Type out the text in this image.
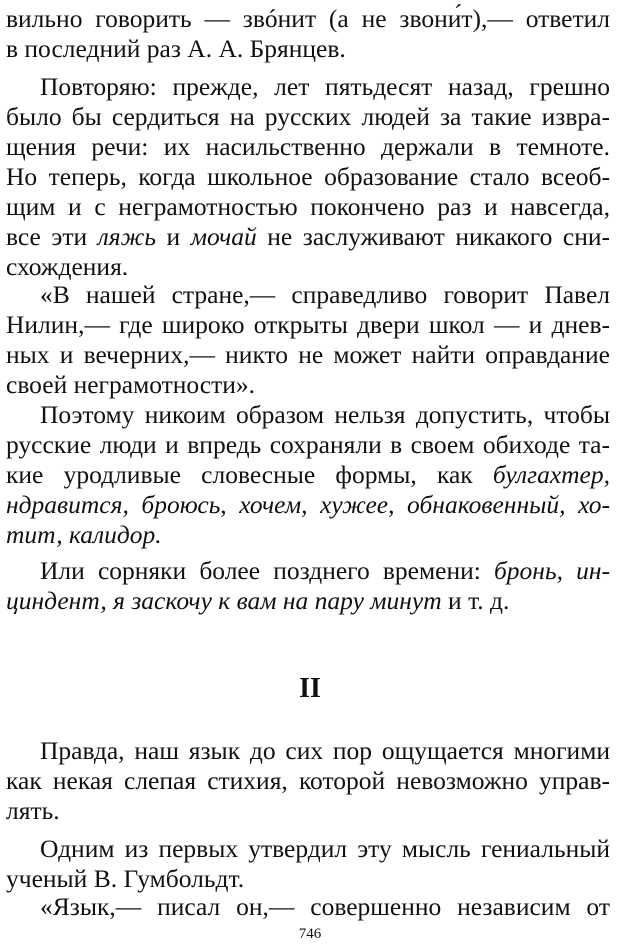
вильно говорить — звóнит (а не звони́т),— ответил
в последний раз А. А. Брянцев.
Повторяю: прежде, лет пятьдесят назад, грешно
было бы сердиться на русских людей за такие извра-
щения речи: их насильственно держали в темноте.
Но теперь, когда школьное образование стало всеоб-
щим и с неграмотностью покончено раз и навсегда,
все эти ляжь и мочай не заслуживают никакого сни-
схождения.
«В нашей стране,— справедливо говорит Павел
Нилин,— где широко открыты двери школ — и днев-
ных и вечерних,— никто не может найти оправдание
своей неграмотности».
Поэтому никоим образом нельзя допустить, чтобы
русские люди и впредь сохраняли в своем обиходе та-
кие уродливые словесные формы, как булгахтер,
ндравится, броюсь, хочем, хужее, обнаковенный, хо-
тит, калидор.
Или сорняки более позднего времени: бронь, ин-
циндент, я заскочу к вам на пару минут и т. д.
Правда, наш язык до сих пор ощущается многими
как некая слепая стихия, которой невозможно управ-
лять.
Одним из первых утвердил эту мысль гениальный
ученый В. Гумбольдт.
«Язык,— писал он,— совершенно независим от
II
746
